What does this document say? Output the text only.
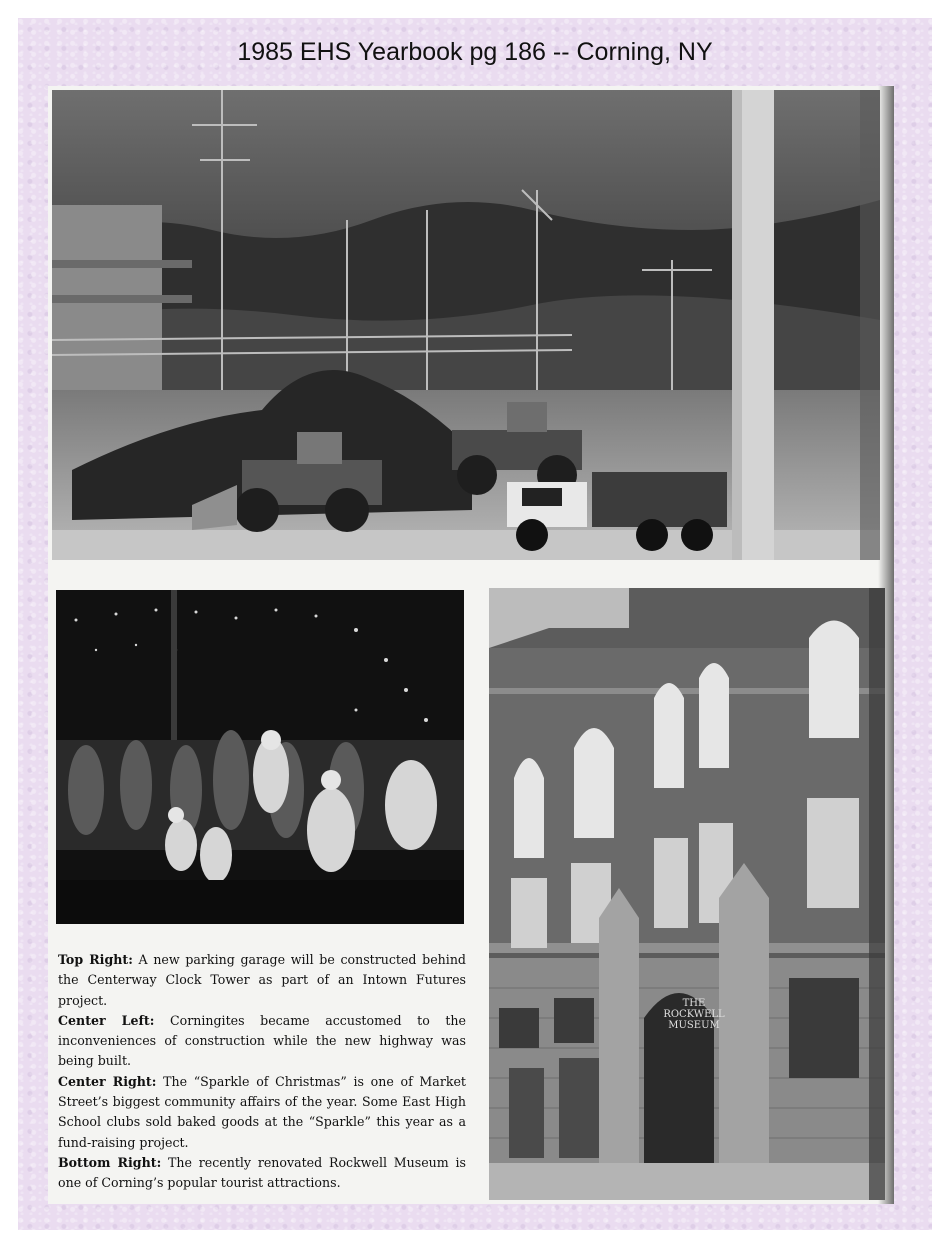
1985 EHS Yearbook pg 186 -- Corning, NY
THE
ROCKWELL
MUSEUM

Top Right: A new parking garage will be constructed behind the Centerway Clock Tower as part of an Intown Futures project.

Center Left: Corningites became accustomed to the inconveniences of construction while the new highway was being built.

Center Right: The “Sparkle of Christmas” is one of Market Street’s biggest community affairs of the year. Some East High School clubs sold baked goods at the “Sparkle” this year as a fund-raising project.

Bottom Right: The recently renovated Rockwell Museum is one of Corning’s popular tourist attractions.
